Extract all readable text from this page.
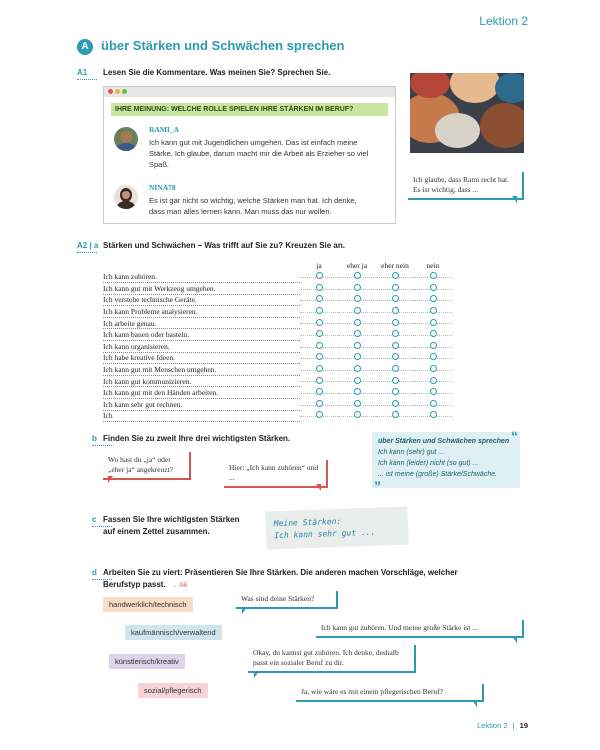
Lektion 2
A über Stärken und Schwächen sprechen
A1 Lesen Sie die Kommentare. Was meinen Sie? Sprechen Sie.
IHRE MEINUNG: WELCHE ROLLE SPIELEN IHRE STÄRKEN IM BERUF?
RAMI_A
Ich kann gut mit Jugendlichen umgehen. Das ist einfach meine Stärke. Ich glaube, darum macht mir die Arbeit als Erzieher so viel Spaß.
NINA78
Es ist gar nicht so wichtig, welche Stärken man hat. Ich denke, dass man alles lernen kann. Man muss das nur wollen.
Ich glaube, dass Rami recht hat. Es ist wichtig, dass ...
A2 | a Stärken und Schwächen – Was trifft auf Sie zu? Kreuzen Sie an.
	ja	eher ja	eher nein	nein
Ich kann zuhören.				
Ich kann gut mit Werkzeug umgehen.				
Ich verstehe technische Geräte.				
Ich kann Probleme analysieren.				
Ich arbeite genau.				
Ich kann bauen oder basteln.				
Ich kann organisieren.				
Ich habe kreative Ideen.				
Ich kann gut mit Menschen umgehen.				
Ich kann gut kommunizieren.				
Ich kann gut mit den Händen arbeiten.				
Ich kann sehr gut rechnen.				
Ich				
b Finden Sie zu zweit Ihre drei wichtigsten Stärken.
Wo hast du „ja“ oder „eher ja“ angekreuzt?	Hier: „Ich kann zuhören“ und ...
über Stärken und Schwächen sprechen
Ich kann (sehr) gut ...
Ich kann (leider) nicht (so gut) ...
... ist meine (große) Stärke/Schwäche.
“
”
c Fassen Sie Ihre wichtigsten Stärken auf einem Zettel zusammen.
Meine Stärken:
Ich kann sehr gut ...
d Arbeiten Sie zu viert: Präsentieren Sie Ihre Stärken. Die anderen machen Vorschläge, welcher Berufstyp passt. → AB
handwerklich/technisch
kaufmännisch/verwaltend
künstlerisch/kreativ
sozial/pflegerisch
Was sind deine Stärken?
Ich kann gut zuhören. Und meine große Stärke ist ...
Okay, du kannst gut zuhören. Ich denke, deshalb passt ein sozialer Beruf zu dir.
Ja, wie wäre es mit einem pflegerischen Beruf?
Lektion 2 | 19
